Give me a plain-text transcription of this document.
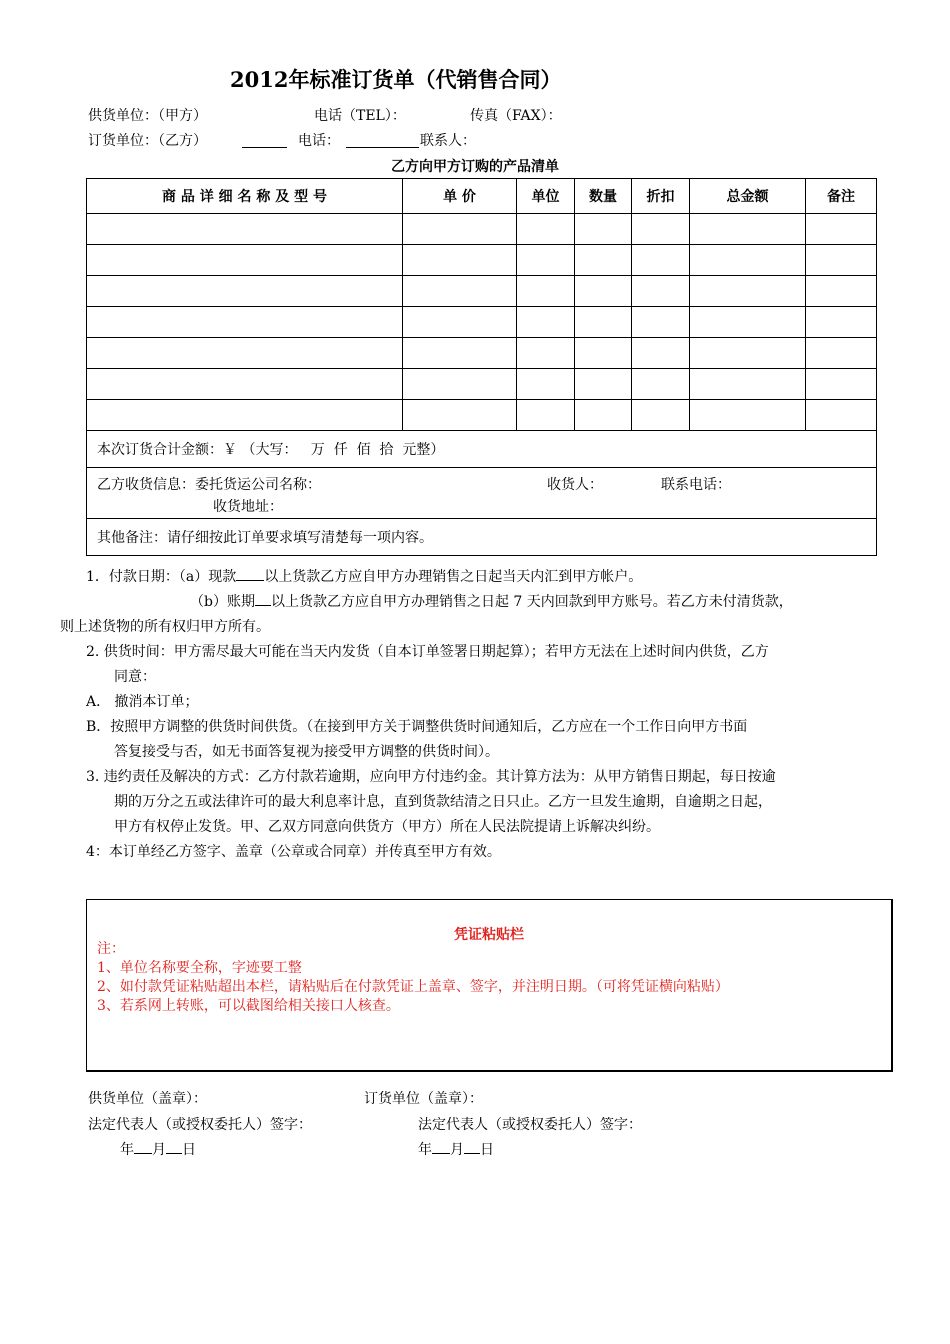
2012年标准订货单（代销售合同）
供货单位：（甲方）	电话（TEL）：	传真（FAX）：
订货单位：（乙方）	电话：	联系人：
乙方向甲方订购的产品清单
商 品 详 细 名 称 及 型 号	单 价	单位	数量	折扣	总金额	备注

本次订货合计金额：￥ （大写：   万  仟  佰  拾  元整）						

乙方收货信息：委托货运公司名称： 收货人： 联系电话：
收货地址：						

其他备注：请仔细按此订单要求填写清楚每一项内容。						
1．付款日期：（a）现款 以上货款乙方应自甲方办理销售之日起当天内汇到甲方帐户。
（b）账期 以上货款乙方应自甲方办理销售之日起 7 天内回款到甲方账号。若乙方未付清货款，
则上述货物的所有权归甲方所有。
2. 供货时间：甲方需尽最大可能在当天内发货（自本订单签署日期起算）；若甲方无法在上述时间内供货，乙方
同意：
A． 撤消本订单；
B．按照甲方调整的供货时间供货。（在接到甲方关于调整供货时间通知后，乙方应在一个工作日向甲方书面
答复接受与否，如无书面答复视为接受甲方调整的供货时间）。
3. 违约责任及解决的方式：乙方付款若逾期，应向甲方付违约金。其计算方法为：从甲方销售日期起，每日按逾
期的万分之五或法律许可的最大利息率计息，直到货款结清之日只止。乙方一旦发生逾期，自逾期之日起，
甲方有权停止发货。甲、乙双方同意向供货方（甲方）所在人民法院提请上诉解决纠纷。
4：本订单经乙方签字、盖章（公章或合同章）并传真至甲方有效。
凭证粘贴栏
注：
1、单位名称要全称，字迹要工整
2、如付款凭证粘贴超出本栏，请粘贴后在付款凭证上盖章、签字，并注明日期。（可将凭证横向粘贴）
3、若系网上转账，可以截图给相关接口人核查。
供货单位（盖章）：	订货单位（盖章）：
法定代表人（或授权委托人）签字：	法定代表人（或授权委托人）签字：
年 月 日	年 月 日
